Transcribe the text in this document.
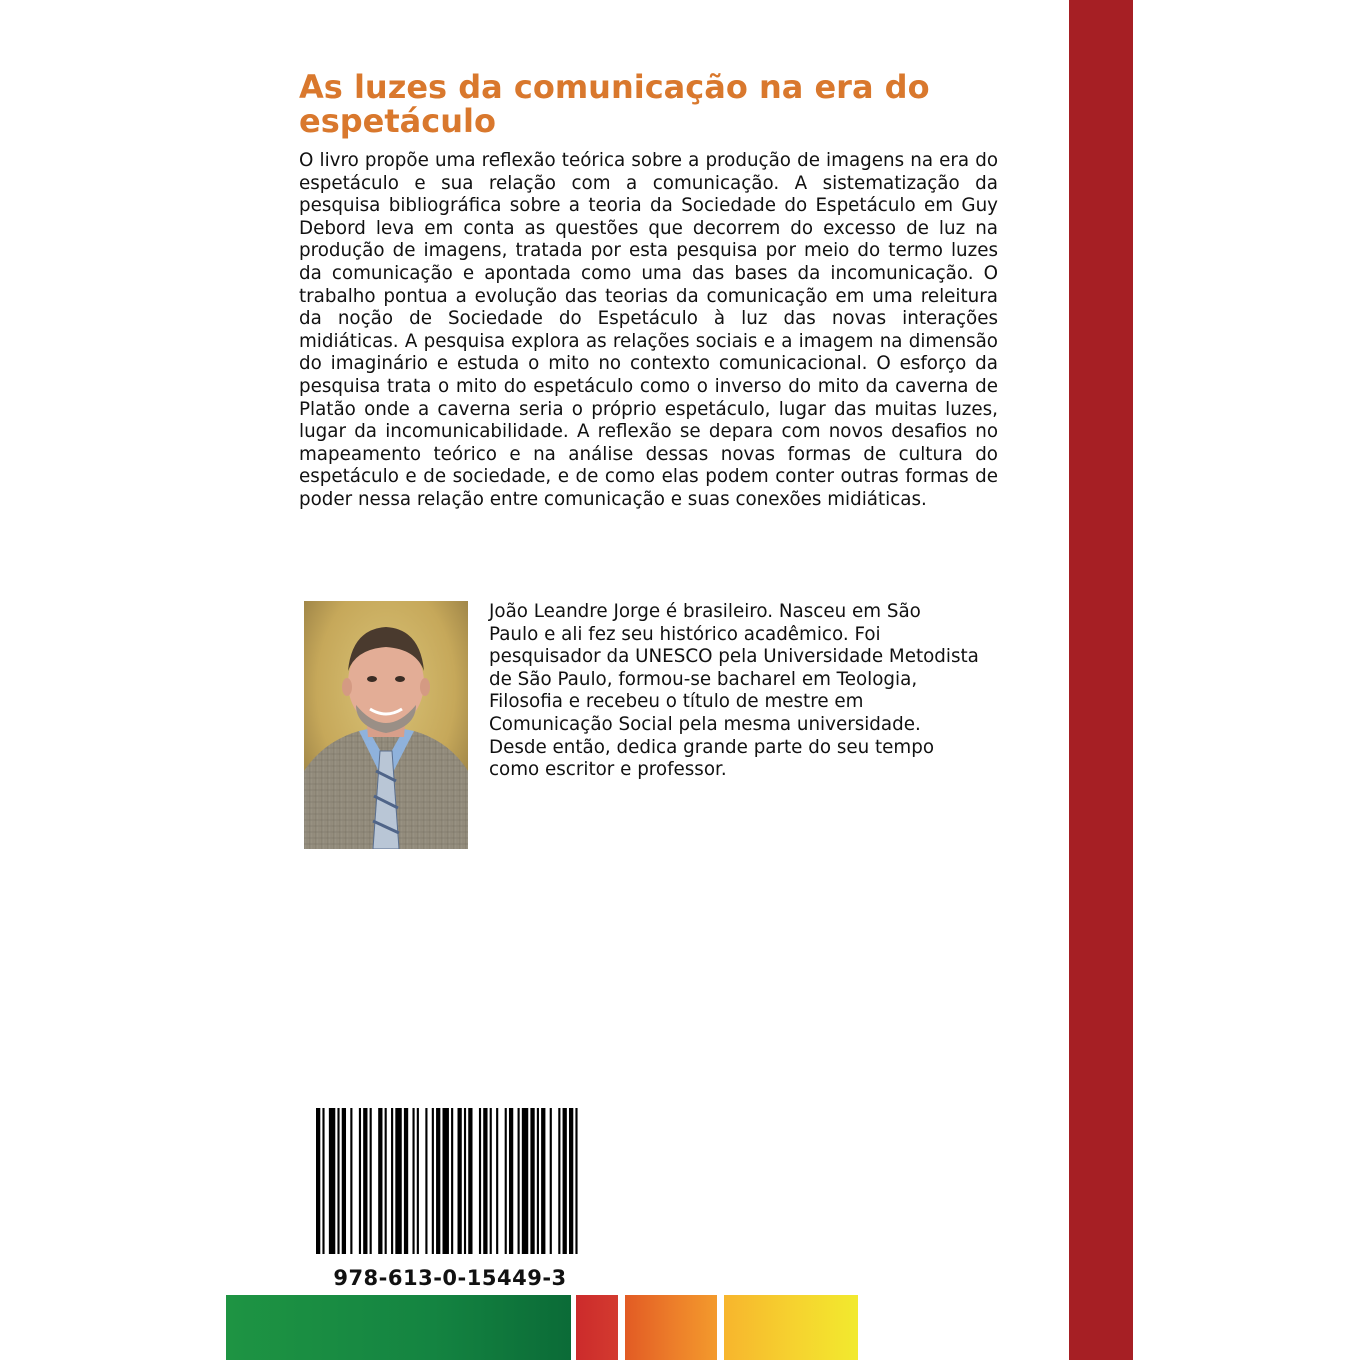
As luzes da comunicação na era do espetáculo

O livro propõe uma reflexão teórica sobre a produção de imagens na era do espetáculo e sua relação com a comunicação. A sistematização da pesquisa bibliográfica sobre a teoria da Sociedade do Espetáculo em Guy Debord leva em conta as questões que decorrem do excesso de luz na produção de imagens, tratada por esta pesquisa por meio do termo luzes da comunicação e apontada como uma das bases da incomunicação. O trabalho pontua a evolução das teorias da comunicação em uma releitura da noção de Sociedade do Espetáculo à luz das novas interações midiáticas. A pesquisa explora as relações sociais e a imagem na dimensão do imaginário e estuda o mito no contexto comunicacional. O esforço da pesquisa trata o mito do espetáculo como o inverso do mito da caverna de Platão onde a caverna seria o próprio espetáculo, lugar das muitas luzes, lugar da incomunicabilidade. A reflexão se depara com novos desafios no mapeamento teórico e na análise dessas novas formas de cultura do espetáculo e de sociedade, e de como elas podem conter outras formas de poder nessa relação entre comunicação e suas conexões midiáticas.

João Leandre Jorge é brasileiro. Nasceu em São
Paulo e ali fez seu histórico acadêmico. Foi
pesquisador da UNESCO pela Universidade Metodista
de São Paulo, formou-se bacharel em Teologia,
Filosofia e recebeu o título de mestre em
Comunicação Social pela mesma universidade.
Desde então, dedica grande parte do seu tempo
como escritor e professor.

978-613-0-15449-3
